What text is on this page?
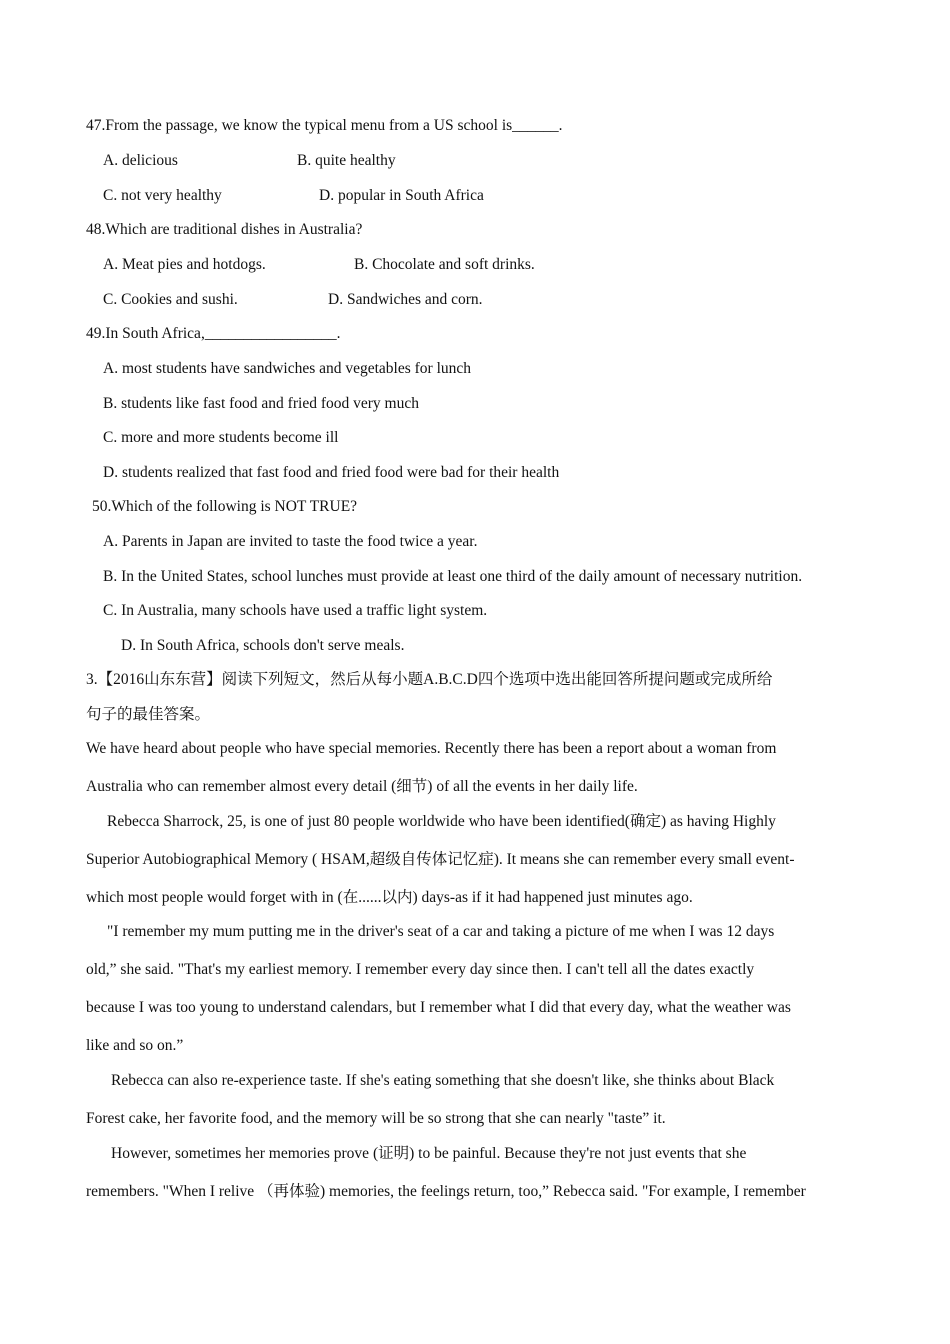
47.From the passage, we know the typical menu from a US school is______.
A. delicious	B. quite healthy
C. not very healthy	D. popular in South Africa
48.Which are traditional dishes in Australia?
A. Meat pies and hotdogs.	B. Chocolate and soft drinks.
C. Cookies and sushi.	D. Sandwiches and corn.
49.In South Africa,_________________.
A. most students have sandwiches and vegetables for lunch
B. students like fast food and fried food very much
C. more and more students become ill
D. students realized that fast food and fried food were bad for their health
50.Which of the following is NOT TRUE?
A. Parents in Japan are invited to taste the food twice a year.
B. In the United States, school lunches must provide at least one third of the daily amount of necessary nutrition.
C. In Australia, many schools have used a traffic light system.
D. In South Africa, schools don't serve meals.
3.【2016山东东营】阅读下列短文，然后从每小题A.B.C.D四个选项中选出能回答所提问题或完成所给
句子的最佳答案。
We have heard about people who have special memories. Recently there has been a report about a woman from
Australia who can remember almost every detail (细节) of all the events in her daily life.
Rebecca Sharrock, 25, is one of just 80 people worldwide who have been identified(确定) as having Highly
Superior Autobiographical Memory ( HSAM,超级自传体记忆症). It means she can remember every small event-
which most people would forget with in (在......以内) days-as if it had happened just minutes ago.
"I remember my mum putting me in the driver's seat of a car and taking a picture of me when I was 12 days
old,” she said. "That's my earliest memory. I remember every day since then. I can't tell all the dates exactly
because I was too young to understand calendars, but I remember what I did that every day, what the weather was
like and so on.”
Rebecca can also re-experience taste. If she's eating something that she doesn't like, she thinks about Black
Forest cake, her favorite food, and the memory will be so strong that she can nearly "taste” it.
However, sometimes her memories prove (证明) to be painful. Because they're not just events that she
remembers. "When I relive （再体验) memories, the feelings return, too,” Rebecca said. "For example, I remember
